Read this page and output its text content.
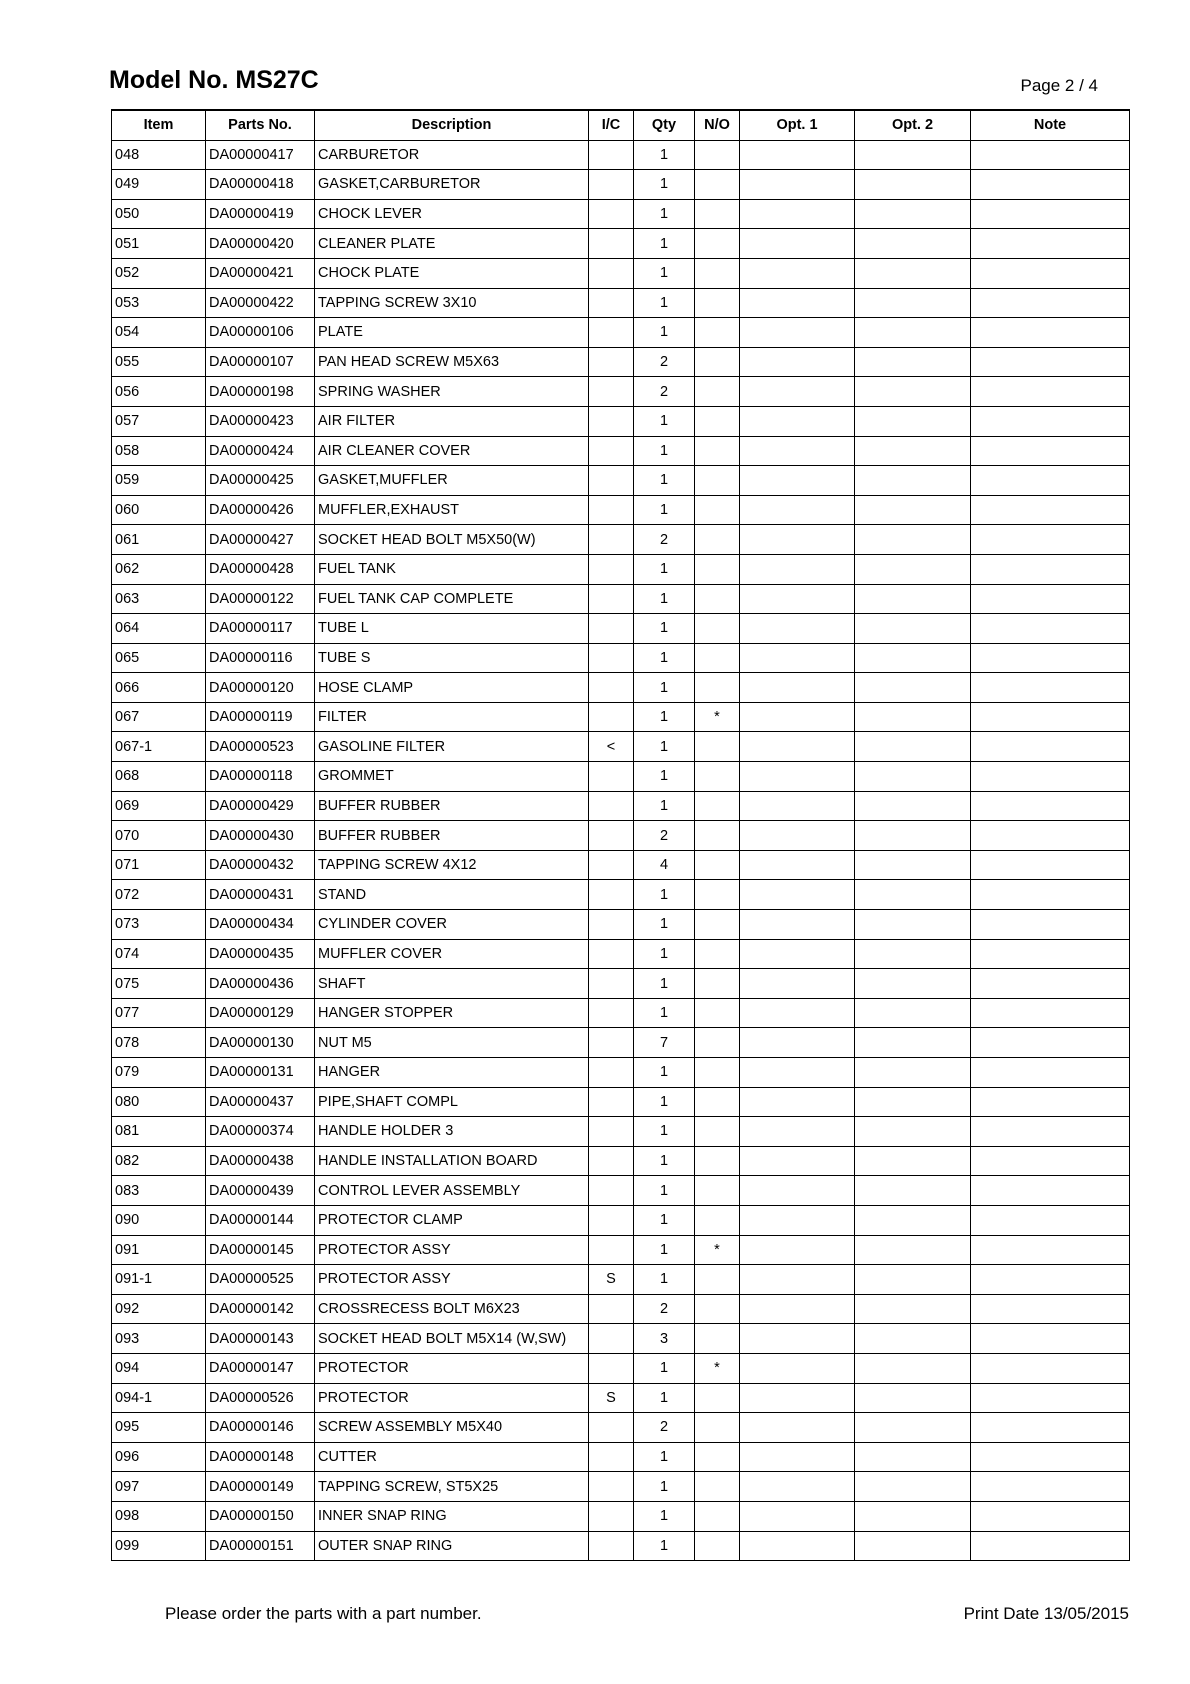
Model No. MS27C	Page 2 / 4
Item	Parts No.	Description	I/C	Qty	N/O	Opt. 1	Opt. 2	Note
048	DA00000417	CARBURETOR		1				
049	DA00000418	GASKET,CARBURETOR		1				
050	DA00000419	CHOCK LEVER		1				
051	DA00000420	CLEANER PLATE		1				
052	DA00000421	CHOCK PLATE		1				
053	DA00000422	TAPPING SCREW 3X10		1				
054	DA00000106	PLATE		1				
055	DA00000107	PAN HEAD SCREW M5X63		2				
056	DA00000198	SPRING WASHER		2				
057	DA00000423	AIR FILTER		1				
058	DA00000424	AIR CLEANER COVER		1				
059	DA00000425	GASKET,MUFFLER		1				
060	DA00000426	MUFFLER,EXHAUST		1				
061	DA00000427	SOCKET HEAD BOLT M5X50(W)		2				
062	DA00000428	FUEL TANK		1				
063	DA00000122	FUEL TANK CAP COMPLETE		1				
064	DA00000117	TUBE L		1				
065	DA00000116	TUBE S		1				
066	DA00000120	HOSE CLAMP		1				
067	DA00000119	FILTER		1	*			
067-1	DA00000523	GASOLINE FILTER	<	1				
068	DA00000118	GROMMET		1				
069	DA00000429	BUFFER RUBBER		1				
070	DA00000430	BUFFER RUBBER		2				
071	DA00000432	TAPPING SCREW 4X12		4				
072	DA00000431	STAND		1				
073	DA00000434	CYLINDER COVER		1				
074	DA00000435	MUFFLER COVER		1				
075	DA00000436	SHAFT		1				
077	DA00000129	HANGER STOPPER		1				
078	DA00000130	NUT M5		7				
079	DA00000131	HANGER		1				
080	DA00000437	PIPE,SHAFT COMPL		1				
081	DA00000374	HANDLE HOLDER 3		1				
082	DA00000438	HANDLE INSTALLATION BOARD		1				
083	DA00000439	CONTROL LEVER ASSEMBLY		1				
090	DA00000144	PROTECTOR CLAMP		1				
091	DA00000145	PROTECTOR ASSY		1	*			
091-1	DA00000525	PROTECTOR ASSY	S	1				
092	DA00000142	CROSSRECESS BOLT M6X23		2				
093	DA00000143	SOCKET HEAD BOLT M5X14 (W,SW)		3				
094	DA00000147	PROTECTOR		1	*			
094-1	DA00000526	PROTECTOR	S	1				
095	DA00000146	SCREW ASSEMBLY M5X40		2				
096	DA00000148	CUTTER		1				
097	DA00000149	TAPPING SCREW, ST5X25		1				
098	DA00000150	INNER SNAP RING		1				
099	DA00000151	OUTER SNAP RING		1				
Please order the parts with a part number.	Print Date 13/05/2015
